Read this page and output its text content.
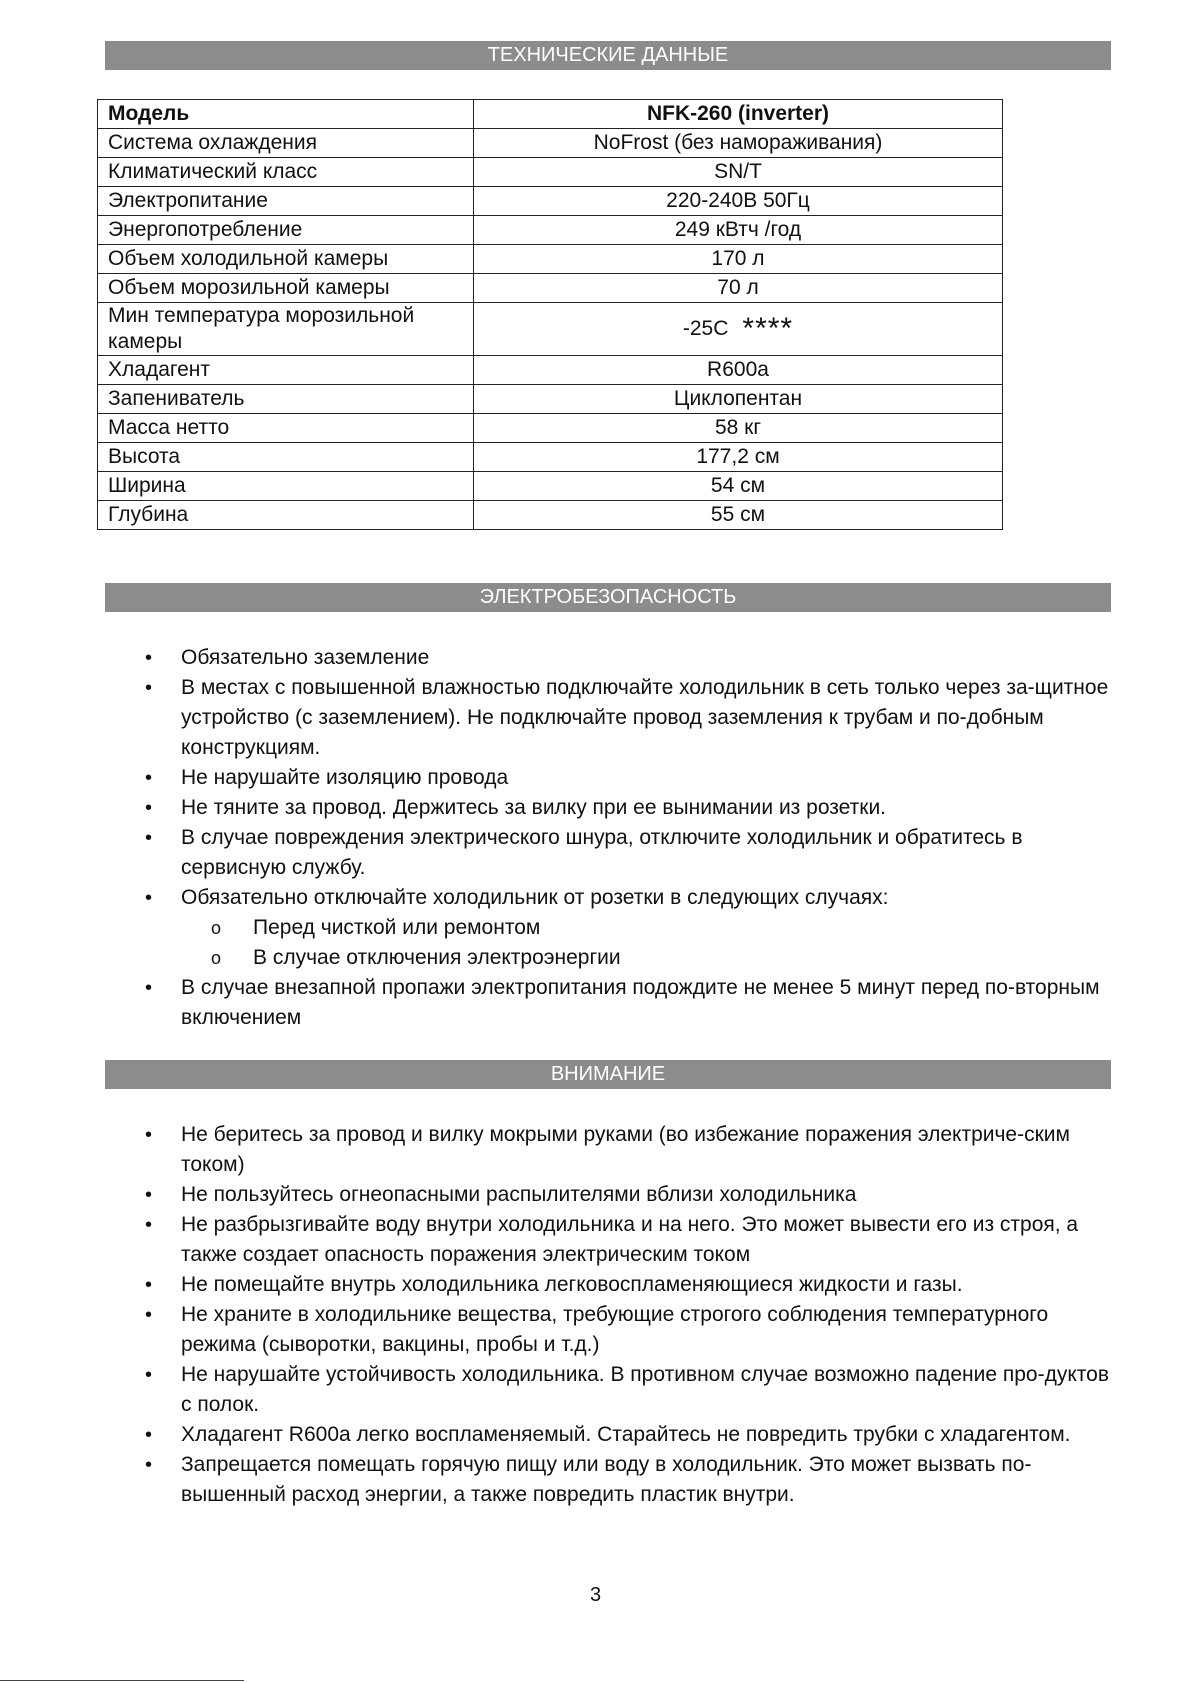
ТЕХНИЧЕСКИЕ ДАННЫЕ
Модель	NFK-260 (inverter)
Система охлаждения	NoFrost (без намораживания)
Климатический класс	SN/T
Электропитание	220-240В 50Гц
Энергопотребление	249 кВтч /год
Объем холодильной камеры	170 л
Объем морозильной камеры	70 л
Мин температура морозильной камеры	-25С ****
Хладагент	R600a
Запениватель	Циклопентан
Масса нетто	58 кг
Высота	177,2 см
Ширина	54 см
Глубина	55 см
ЭЛЕКТРОБЕЗОПАСНОСТЬ
• Обязательно заземление
• В местах с повышенной влажностью подключайте холодильник в сеть только через за-щитное устройство (с заземлением). Не подключайте провод заземления к трубам и по-добным конструкциям.
• Не нарушайте изоляцию провода
• Не тяните за провод. Держитесь за вилку при ее вынимании из розетки.
• В случае повреждения электрического шнура, отключите холодильник и обратитесь в сервисную службу.
• Обязательно отключайте холодильник от розетки в следующих случаях:
o Перед чисткой или ремонтом
o В случае отключения электроэнергии
• В случае внезапной пропажи электропитания подождите не менее 5 минут перед по-вторным включением
ВНИМАНИЕ
• Не беритесь за провод и вилку мокрыми руками (во избежание поражения электриче-ским током)
• Не пользуйтесь огнеопасными распылителями вблизи холодильника
• Не разбрызгивайте воду внутри холодильника и на него. Это может вывести его из строя, а также создает опасность поражения электрическим током
• Не помещайте внутрь холодильника легковоспламеняющиеся жидкости и газы.
• Не храните в холодильнике вещества, требующие строгого соблюдения температурного режима (сыворотки, вакцины, пробы и т.д.)
• Не нарушайте устойчивость холодильника. В противном случае возможно падение про-дуктов с полок.
• Хладагент R600a легко воспламеняемый. Старайтесь не повредить трубки с хладагентом.
• Запрещается помещать горячую пищу или воду в холодильник. Это может вызвать по-вышенный расход энергии, а также повредить пластик внутри.
3
